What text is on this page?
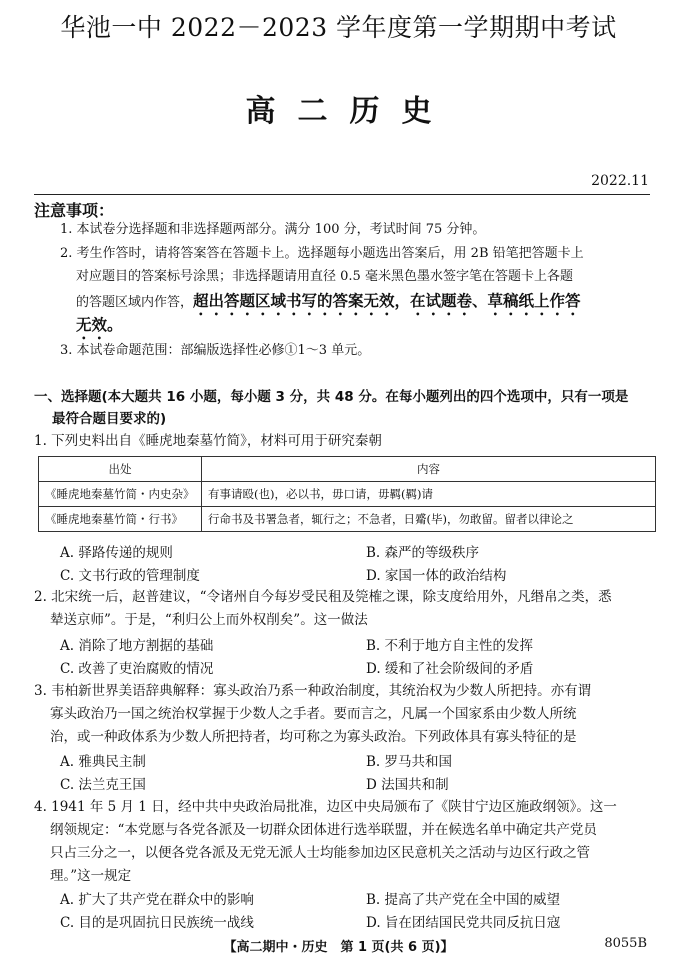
华池一中 2022－2023 学年度第一学期期中考试
高二历史
2022.11
注意事项：
1. 本试卷分选择题和非选择题两部分。满分 100 分，考试时间 75 分钟。
2. 考生作答时，请将答案答在答题卡上。选择题每小题选出答案后，用 2B 铅笔把答题卡上
对应题目的答案标号涂黑；非选择题请用直径 0.5 毫米黑色墨水签字笔在答题卡上各题
的答题区域内作答，超出答题区域书写的答案无效，在试题卷、草稿纸上作答
无效。
3. 本试卷命题范围：部编版选择性必修①1～3 单元。
一、选择题(本大题共 16 小题，每小题 3 分，共 48 分。在每小题列出的四个选项中，只有一项是
最符合题目要求的)
1. 下列史料出自《睡虎地秦墓竹简》，材料可用于研究秦朝
出处	内容
《睡虎地秦墓竹简・内史杂》	有事请殴(也)，必以书，毋口请，毋羁(羁)请
《睡虎地秦墓竹简・行书》	行命书及书署急者，辄行之；不急者，日觱(毕)，勿敢留。留者以律论之
A. 驿路传递的规则	B. 森严的等级秩序
C. 文书行政的管理制度	D. 家国一体的政治结构
2. 北宋统一后，赵普建议，“令诸州自今每岁受民租及筦榷之课，除支度给用外，凡缗帛之类，悉
辇送京师”。于是，“利归公上而外权削矣”。这一做法
A. 消除了地方割据的基础	B. 不利于地方自主性的发挥
C. 改善了吏治腐败的情况	D. 缓和了社会阶级间的矛盾
3. 韦柏新世界美语辞典解释：寡头政治乃系一种政治制度，其统治权为少数人所把持。亦有谓
寡头政治乃一国之统治权掌握于少数人之手者。要而言之，凡属一个国家系由少数人所统
治，或一种政体系为少数人所把持者，均可称之为寡头政治。下列政体具有寡头特征的是
A. 雅典民主制	B. 罗马共和国
C. 法兰克王国	D 法国共和制
4. 1941 年 5 月 1 日，经中共中央政治局批准，边区中央局颁布了《陕甘宁边区施政纲领》。这一
纲领规定：“本党愿与各党各派及一切群众团体进行选举联盟，并在候选名单中确定共产党员
只占三分之一，以便各党各派及无党无派人士均能参加边区民意机关之活动与边区行政之管
理。”这一规定
A. 扩大了共产党在群众中的影响	B. 提高了共产党在全中国的威望
C. 目的是巩固抗日民族统一战线	D. 旨在团结国民党共同反抗日寇
【高二期中・历史　第 1 页(共 6 页)】	8055B
